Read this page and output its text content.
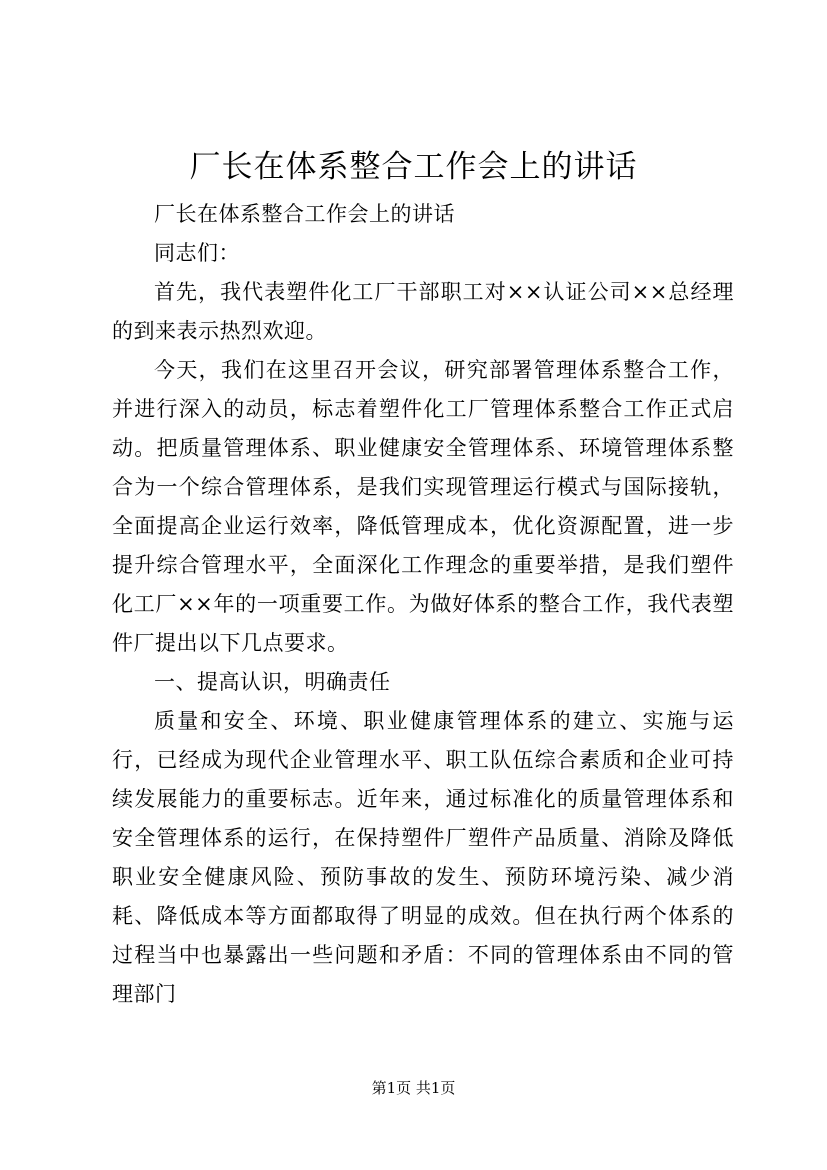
厂长在体系整合工作会上的讲话

厂长在体系整合工作会上的讲话

同志们：

首先，我代表塑件化工厂干部职工对××认证公司××总经理的到来表示热烈欢迎。

今天，我们在这里召开会议，研究部署管理体系整合工作，并进行深入的动员，标志着塑件化工厂管理体系整合工作正式启动。把质量管理体系、职业健康安全管理体系、环境管理体系整合为一个综合管理体系，是我们实现管理运行模式与国际接轨，全面提高企业运行效率，降低管理成本，优化资源配置，进一步提升综合管理水平，全面深化工作理念的重要举措，是我们塑件化工厂××年的一项重要工作。为做好体系的整合工作，我代表塑件厂提出以下几点要求。

一、提高认识，明确责任

质量和安全、环境、职业健康管理体系的建立、实施与运行，已经成为现代企业管理水平、职工队伍综合素质和企业可持续发展能力的重要标志。近年来，通过标准化的质量管理体系和安全管理体系的运行，在保持塑件厂塑件产品质量、消除及降低职业安全健康风险、预防事故的发生、预防环境污染、减少消耗、降低成本等方面都取得了明显的成效。但在执行两个体系的过程当中也暴露出一些问题和矛盾：不同的管理体系由不同的管理部门

第1页 共1页
